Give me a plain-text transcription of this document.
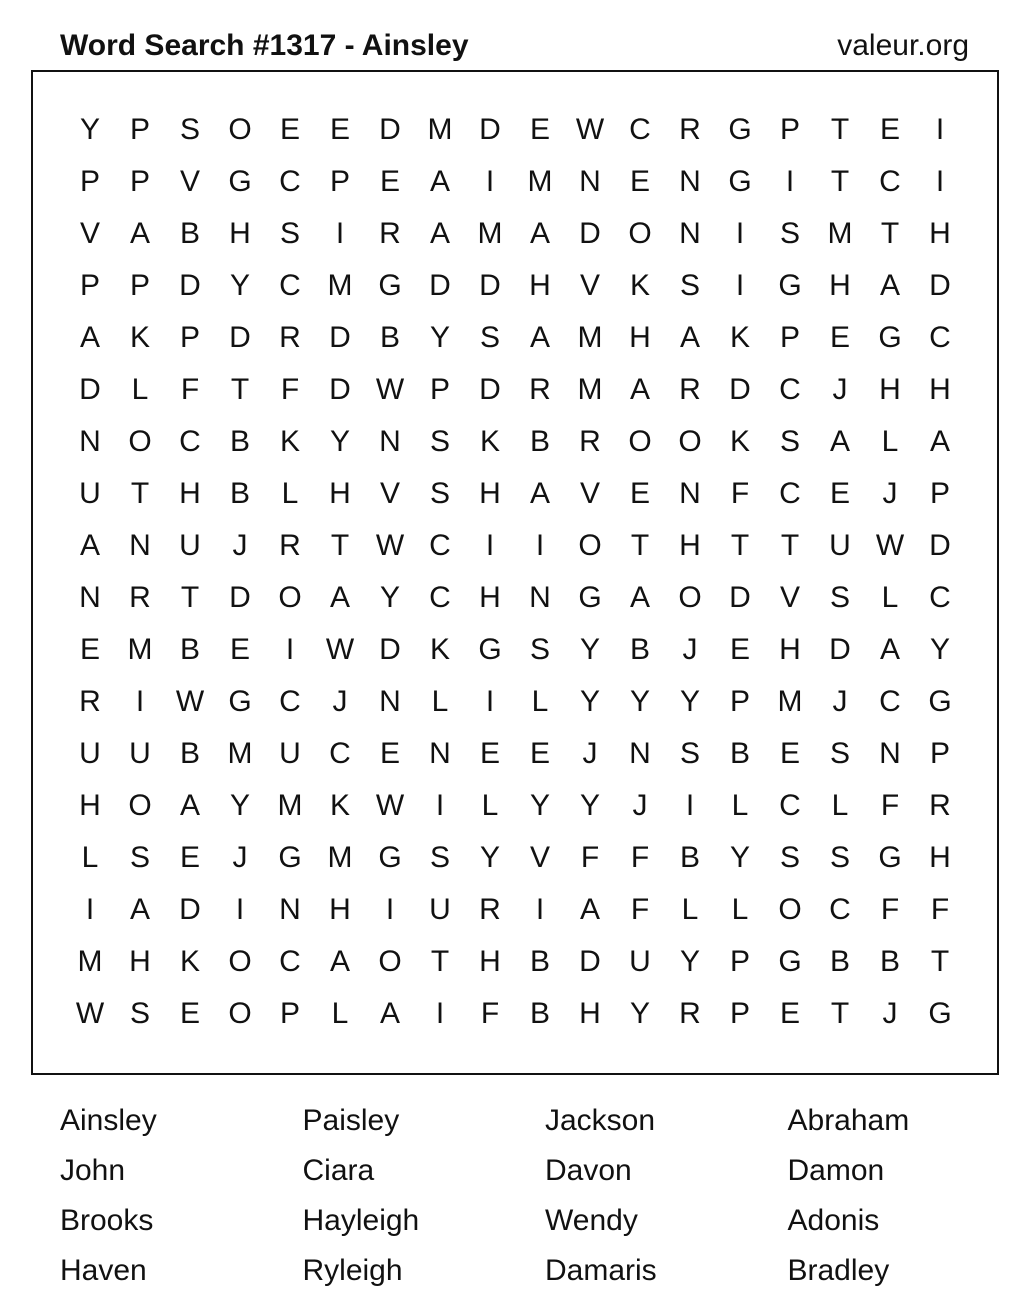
Word Search #1317 - Ainsley	valeur.org
Y P S O E E D M D E W C R G P	T	E	I
P P V G C P E A	I	M N E N G	I	T	C	I
V A B H S	I	R A M A D O N	I	S M T	H
P P D Y C M G D D H V K S	I	G H A D
A K P D R D B Y S A M H A K P E G C
D	L	F	T	F	D W P D R M A R D C	J	H H
N O C B K Y N S K B R O O K S A	L	A
U	T	H B	L	H V S H A V E N	F	C E	J	P
A N U	J	R	T W C	I	I	O T	H	T	T	U W D
N R	T	D O A Y C H N G A O D V S	L	C
E M B E	I	W D K G S Y B	J	E H D A Y
R	I	W G C	J	N	L	I	L	Y Y Y P M	J	C G
U U B M U C E N E E	J	N S B E S N P
H O A Y M K W	I	L	Y Y	J	I	L	C	L	F	R
L	S E	J	G M G S Y V	F	F	B Y S S G H
I	A D	I	N H	I	U R	I	A	F	L	L O C	F	F
M H K O C A O T	H B D U Y P G B B	T
W S E O P	L	A	I	F	B H Y R P E	T	J	G
Ainsley	Paisley	Jackson	Abraham
John	Ciara	Davon	Damon
Brooks	Hayleigh	Wendy	Adonis
Haven	Ryleigh	Damaris	Bradley
